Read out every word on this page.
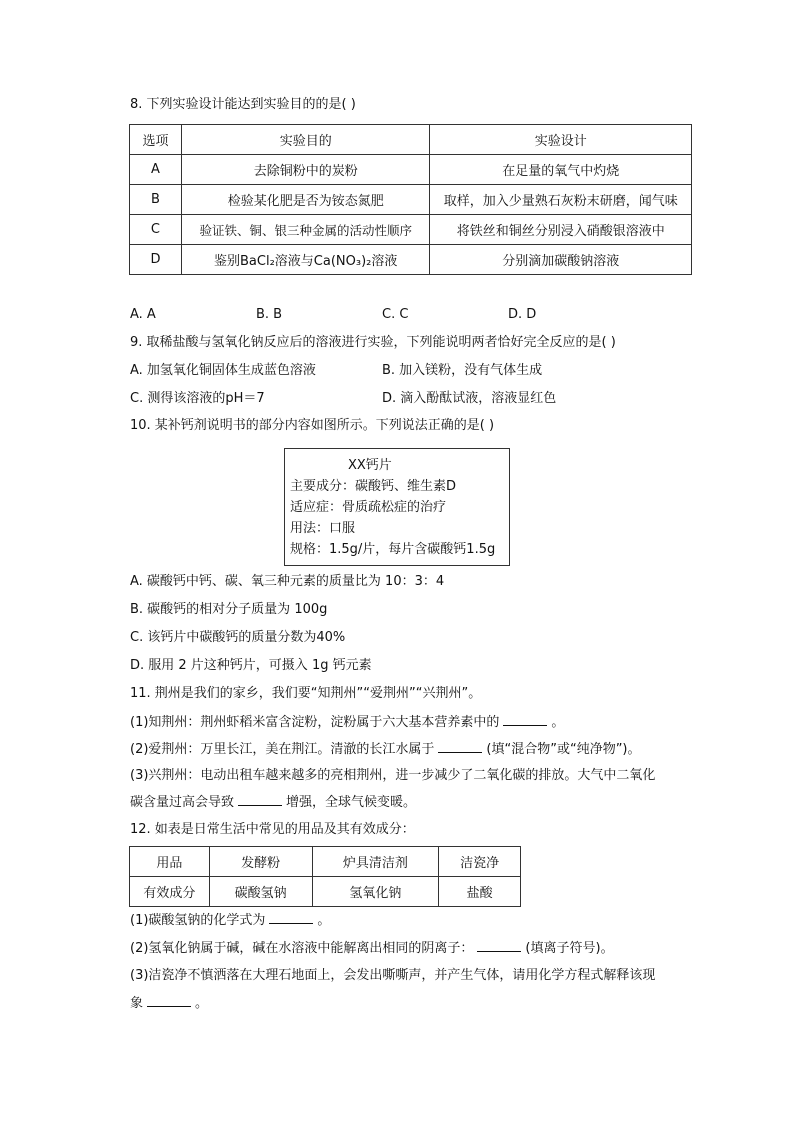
8. 下列实验设计能达到实验目的的是( )
选项	实验目的	实验设计
A	去除铜粉中的炭粉	在足量的氧气中灼烧
B	检验某化肥是否为铵态氮肥	取样，加入少量熟石灰粉末研磨，闻气味
C	验证铁、铜、银三种金属的活动性顺序	将铁丝和铜丝分别浸入硝酸银溶液中
D	鉴别BaCl₂溶液与Ca(NO₃)₂溶液	分别滴加碳酸钠溶液
A. A	B. B	C. C	D. D
9. 取稀盐酸与氢氧化钠反应后的溶液进行实验，下列能说明两者恰好完全反应的是( )
A. 加氢氧化铜固体生成蓝色溶液	B. 加入镁粉，没有气体生成
C. 测得该溶液的pH＝7	D. 滴入酚酞试液，溶液显红色
10. 某补钙剂说明书的部分内容如图所示。下列说法正确的是( )
XX钙片
主要成分：碳酸钙、维生素D
适应症：骨质疏松症的治疗
用法：口服
规格：1.5g/片，每片含碳酸钙1.5g
A. 碳酸钙中钙、碳、氧三种元素的质量比为 10：3：4
B. 碳酸钙的相对分子质量为 100g
C. 该钙片中碳酸钙的质量分数为40%
D. 服用 2 片这种钙片，可摄入 1g 钙元素
11. 荆州是我们的家乡，我们要“知荆州”“爱荆州”“兴荆州”。
(1)知荆州：荆州虾稻米富含淀粉，淀粉属于六大基本营养素中的	。
(2)爱荆州：万里长江，美在荆江。清澈的长江水属于	(填“混合物”或“纯净物”)。
(3)兴荆州：电动出租车越来越多的亮相荆州，进一步减少了二氧化碳的排放。大气中二氧化
碳含量过高会导致	增强，全球气候变暖。
12. 如表是日常生活中常见的用品及其有效成分：
用品	发酵粉	炉具清洁剂	洁瓷净
有效成分	碳酸氢钠	氢氧化钠	盐酸
(1)碳酸氢钠的化学式为	。
(2)氢氧化钠属于碱，碱在水溶液中能解离出相同的阴离子：	(填离子符号)。
(3)洁瓷净不慎洒落在大理石地面上，会发出嘶嘶声，并产生气体，请用化学方程式解释该现
象	。
